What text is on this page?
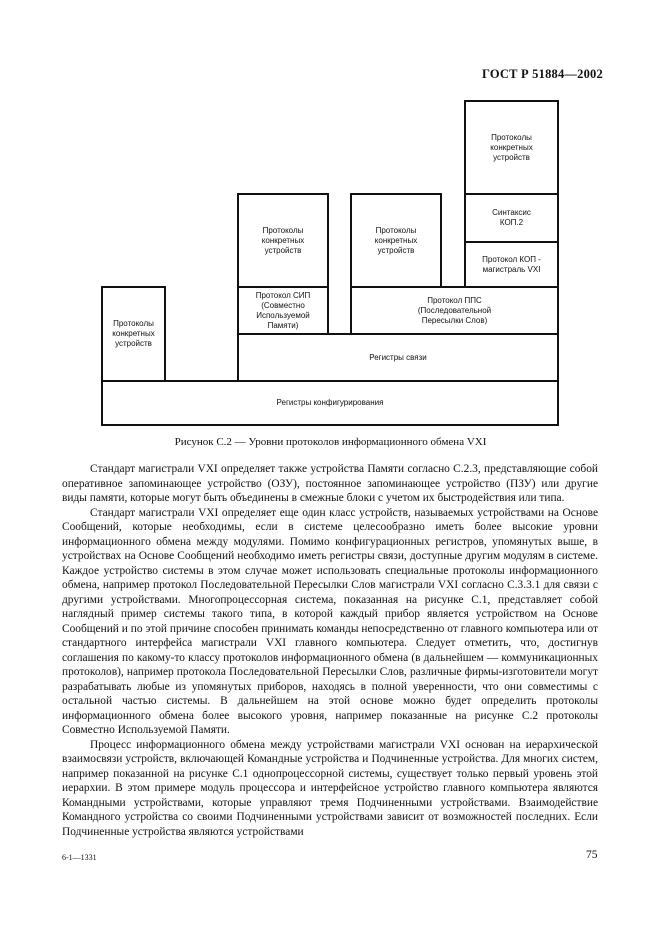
ГОСТ Р 51884—2002
Регистры конфигурирования
Регистры связи
Протоколы
конкретных
устройств
Протокол СИП
(Совместно
Используемой
Памяти)
Протоколы
конкретных
устройств
Протокол ППС
(Последовательной
Пересылки Слов)
Протоколы
конкретных
устройств
Протокол КОП -
магистраль VXI
Синтаксис
КОП.2
Протоколы
конкретных
устройств
Рисунок С.2 — Уровни протоколов информационного обмена VXI

Стандарт магистрали VXI определяет также устройства Памяти согласно С.2.3, представляющие собой оперативное запоминающее устройство (ОЗУ), постоянное запоминающее устройство (ПЗУ) или другие виды памяти, которые могут быть объединены в смежные блоки с учетом их быстродействия или типа.

Стандарт магистрали VXI определяет еще один класс устройств, называемых устройствами на Основе Сообщений, которые необходимы, если в системе целесообразно иметь более высокие уровни информационного обмена между модулями. Помимо конфигурационных регистров, упомянутых выше, в устройствах на Основе Сообщений необходимо иметь регистры связи, доступные другим модулям в системе. Каждое устройство системы в этом случае может использовать специальные протоколы информационного обмена, например протокол Последовательной Пересылки Слов магистрали VXI согласно С.3.3.1 для связи с другими устройствами. Многопроцессорная система, показанная на рисунке С.1, представляет собой наглядный пример системы такого типа, в которой каждый прибор является устройством на Основе Сообщений и по этой причине способен принимать команды непосредственно от главного компьютера или от стандартного интерфейса магистрали VXI главного компьютера. Следует отметить, что, достигнув соглашения по какому-то классу протоколов информационного обмена (в дальнейшем — коммуникационных протоколов), например протокола Последовательной Пересылки Слов, различные фирмы-изготовители могут разрабатывать любые из упомянутых приборов, находясь в полной уверенности, что они совместимы с остальной частью системы. В дальнейшем на этой основе можно будет определить протоколы информационного обмена более высокого уровня, например показанные на рисунке С.2 протоколы Совместно Используемой Памяти.

Процесс информационного обмена между устройствами магистрали VXI основан на иерархической взаимосвязи устройств, включающей Командные устройства и Подчиненные устройства. Для многих систем, например показанной на рисунке С.1 однопроцессорной системы, существует только первый уровень этой иерархии. В этом примере модуль процессора и интерфейсное устройство главного компьютера являются Командными устройствами, которые управляют тремя Подчиненными устройствами. Взаимодействие Командного устройства со своими Подчиненными устройствами зависит от возможностей последних. Если Подчиненные устройства являются устройствами

6-1—1331	75
